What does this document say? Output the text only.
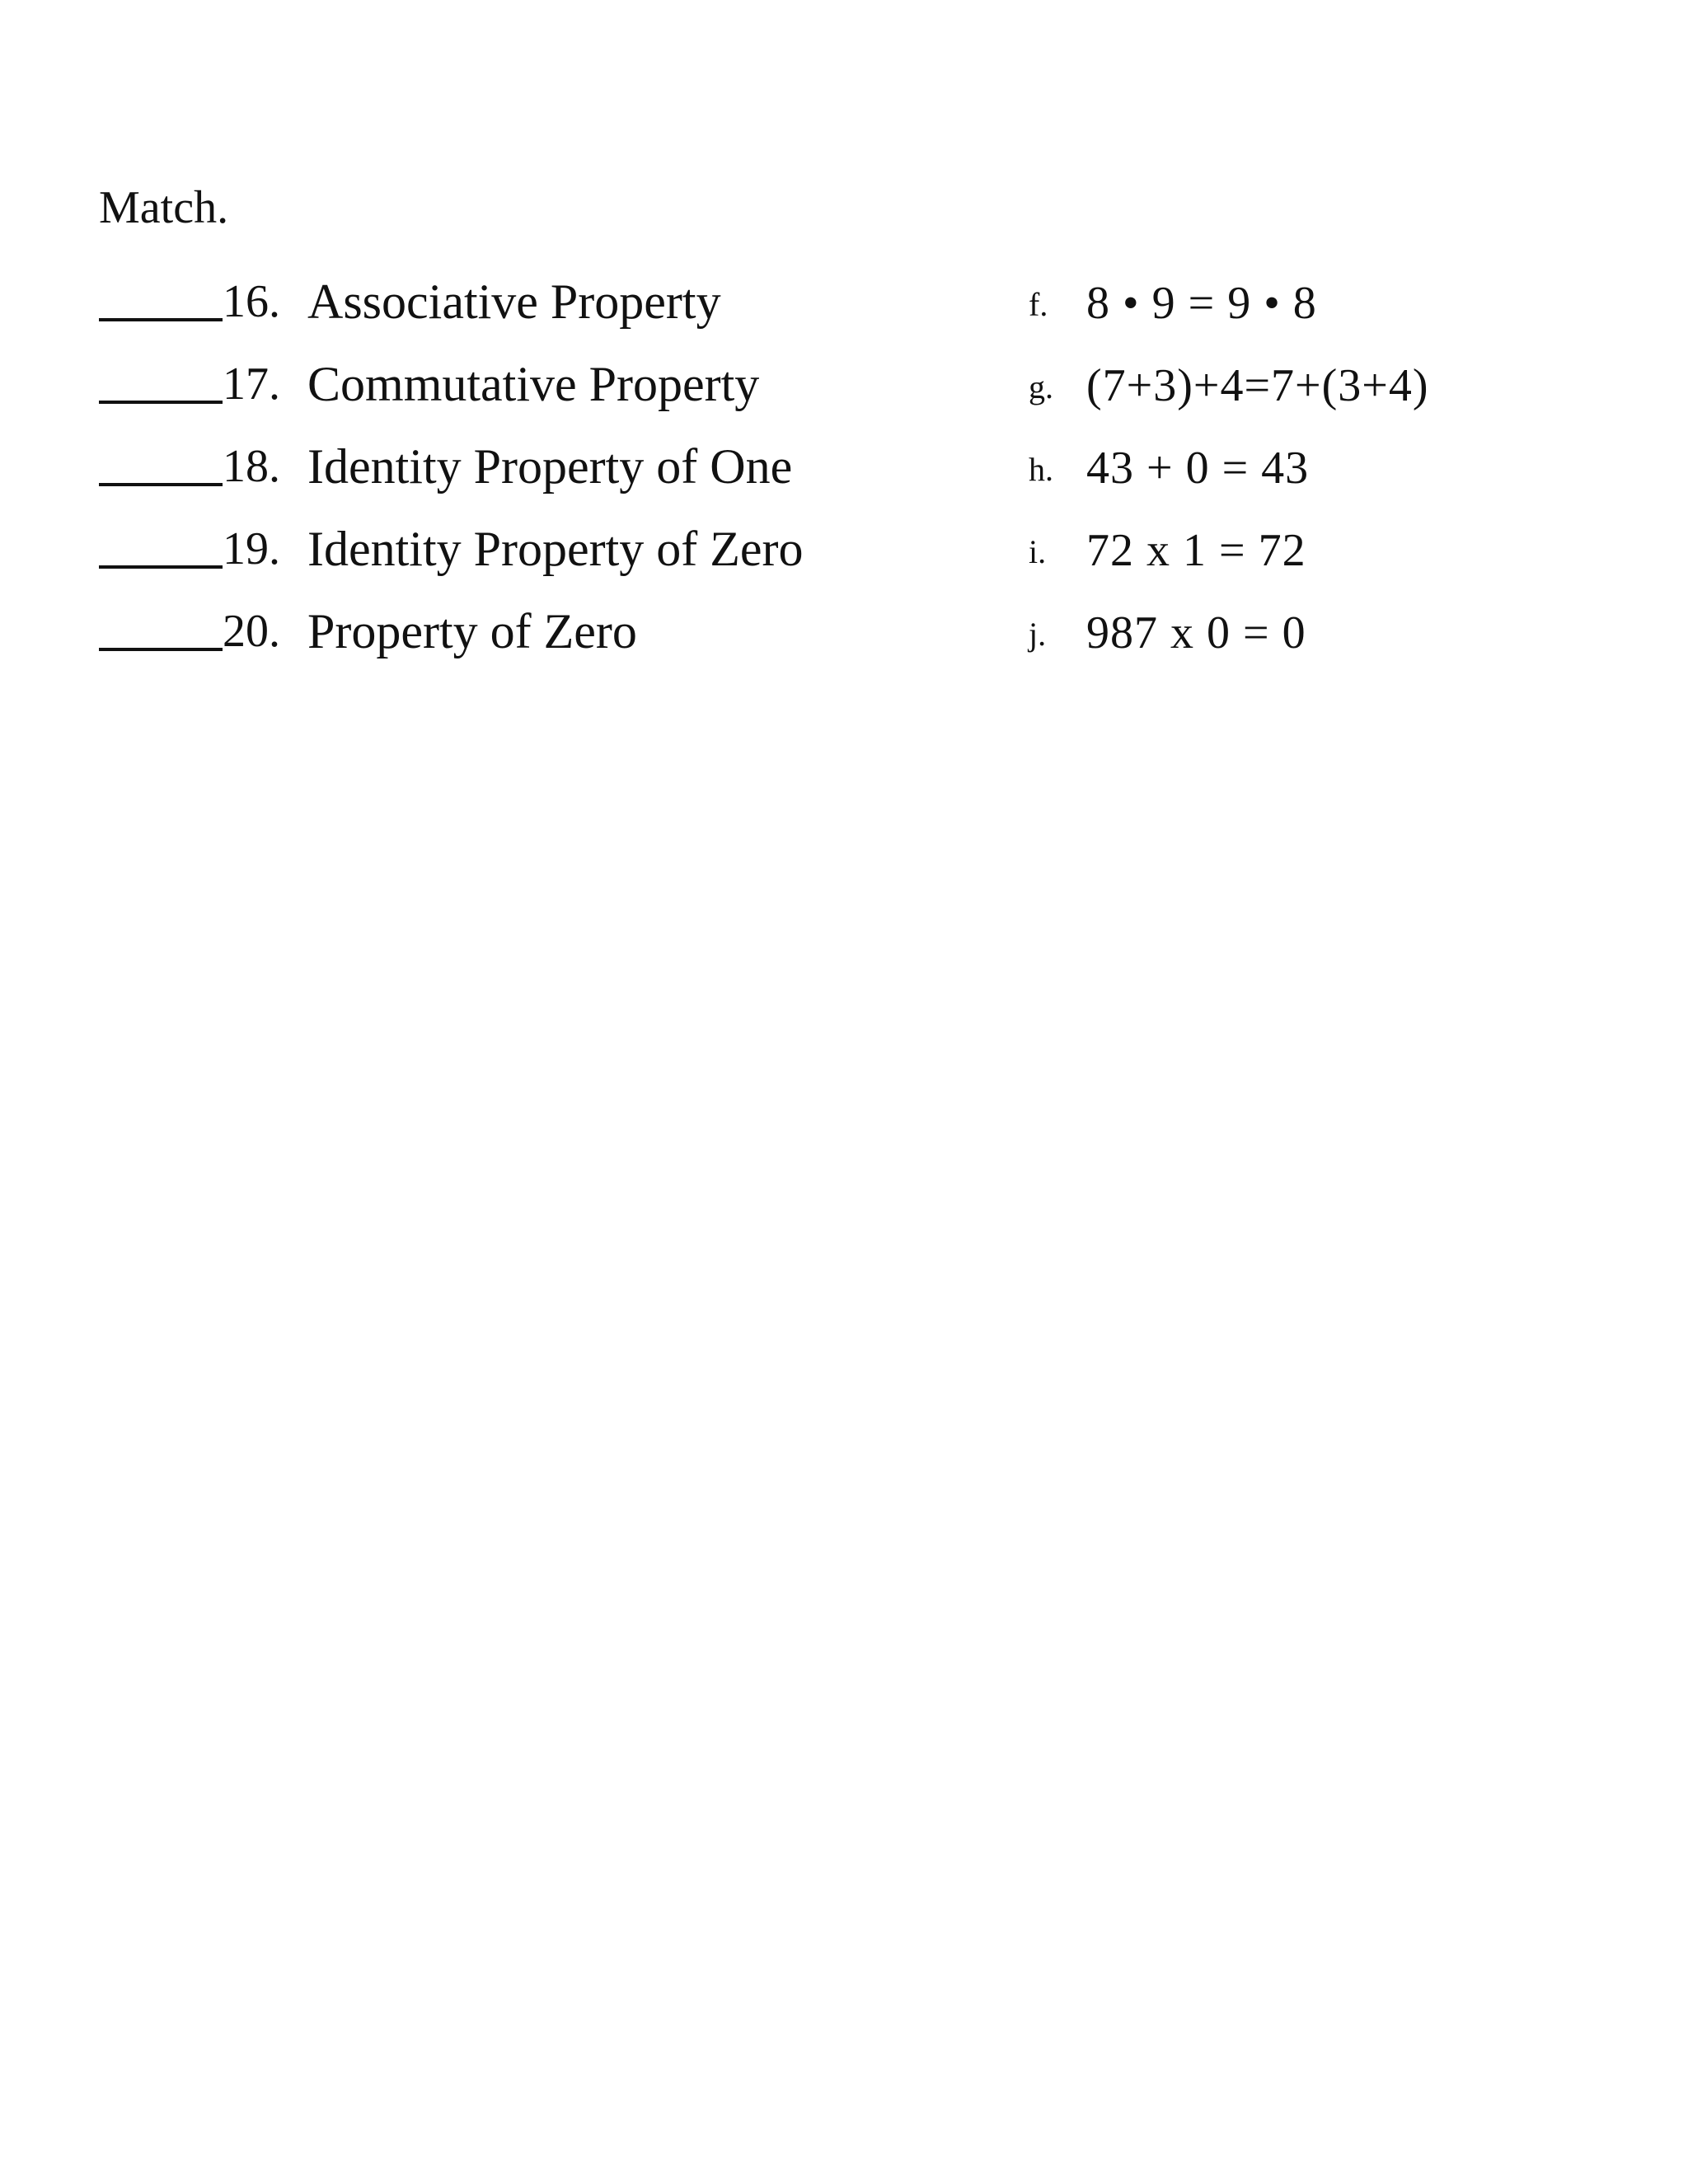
Match.
16. Associative Property
17. Commutative Property
18. Identity Property of One
19. Identity Property of Zero
20. Property of Zero
f. 8 • 9 = 9 • 8
g. (7+3)+4=7+(3+4)
h. 43 + 0 = 43
i. 72 x 1 = 72
j. 987 x 0 = 0
